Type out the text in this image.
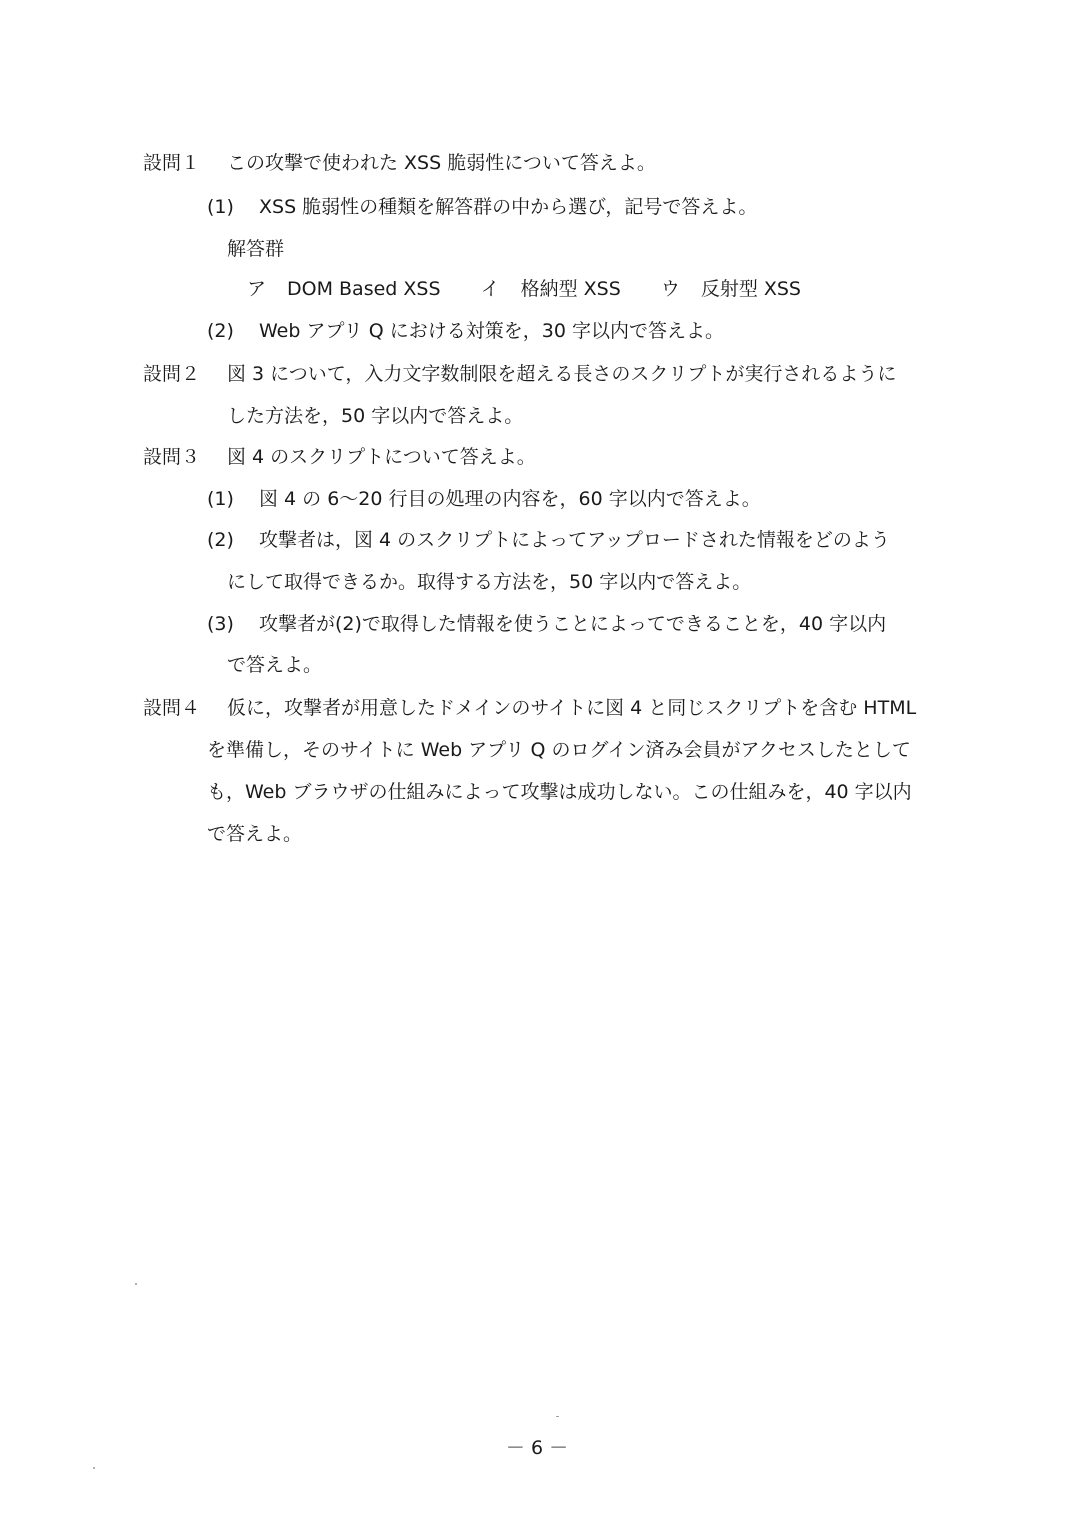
設問１ この攻撃で使われた XSS 脆弱性について答えよ。
(1) XSS 脆弱性の種類を解答群の中から選び，記号で答えよ。
解答群
ア DOM Based XSS イ 格納型 XSS ウ 反射型 XSS
(2) Web アプリ Q における対策を，30 字以内で答えよ。
設問２ 図 3 について，入力文字数制限を超える長さのスクリプトが実行されるように
した方法を，50 字以内で答えよ。
設問３ 図 4 のスクリプトについて答えよ。
(1) 図 4 の 6～20 行目の処理の内容を，60 字以内で答えよ。
(2) 攻撃者は，図 4 のスクリプトによってアップロードされた情報をどのよう
にして取得できるか。取得する方法を，50 字以内で答えよ。
(3) 攻撃者が(2)で取得した情報を使うことによってできることを，40 字以内
で答えよ。
設問４ 仮に，攻撃者が用意したドメインのサイトに図 4 と同じスクリプトを含む HTML
を準備し，そのサイトに Web アプリ Q のログイン済み会員がアクセスしたとして
も，Web ブラウザの仕組みによって攻撃は成功しない。この仕組みを，40 字以内
で答えよ。
－ 6 －
